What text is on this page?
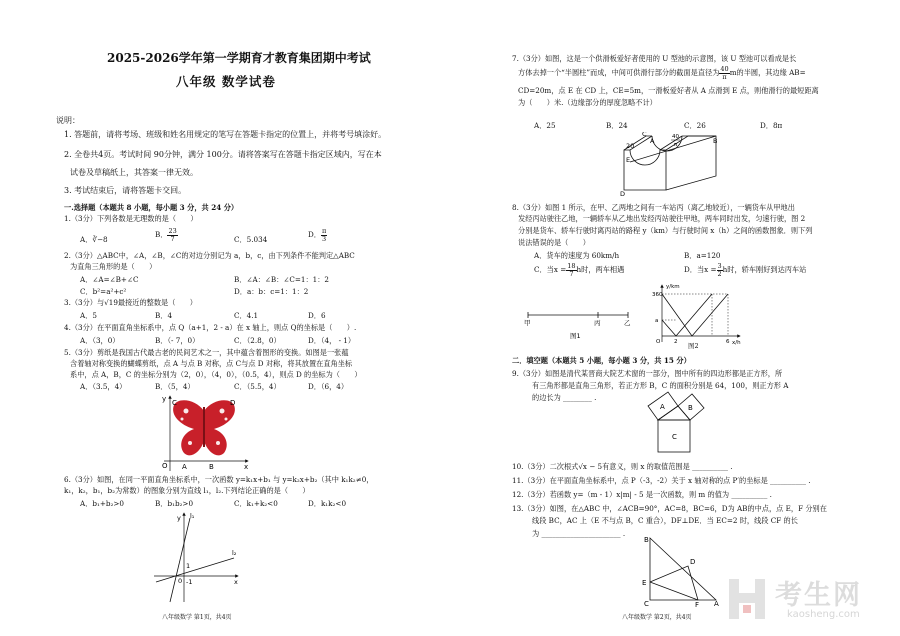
2025-2026学年第一学期育才教育集团期中考试
八年级 数学试卷
说明：
1. 答题前，请将考场、班级和姓名用规定的笔写在答题卡指定的位置上，并将考号填涂好。
2. 全卷共4页。考试时间 90分钟，满分 100分。请将答案写在答题卡指定区域内，写在本
试卷及草稿纸上，其答案一律无效。
3. 考试结束后，请将答题卡交回。
一.选择题（本题共 8 小题，每小题 3 分，共 24 分）
1.（3分）下列各数是无理数的是（　　）
A．∛−8
B． $\frac{23}{7}$	C．5.034
D． $\frac{\pi}{3}$
2.（3分）△ABC中，∠A，∠B，∠C的对边分别记为 a，b，c，由下列条件不能判定△ABC
为直角三角形的是（　　）
A．∠A=∠B+∠C	B．∠A：∠B：∠C=1：1：2
C．b²=a²+c²	D．a：b：c=1：1：2
3.（3分）与√19最接近的整数是（　　）
A．5	B．4	C．4.1	D．6
4.（3分）在平面直角坐标系中，点 Q（a+1，2 - a）在 x 轴上，则点 Q的坐标是（　　）.
A．（3，0）	B．（- 7，0）	C．（2.8，0）	D．（4， - 1）
5.（3分）剪纸是我国古代最古老的民间艺术之一，其中蕴含着图形的变换。如图是一张蕴
含着轴对称变换的蝴蝶剪纸，点 A 与点 B 对称，点 C与点 D 对称，将其放置在直角坐标
系中，点 A，B，C 的坐标分别为（2，0），（4，0），（0.5，4），则点 D 的坐标为（　　）
A．（3.5，4）	B．（5，4）	C．（5.5，4）	D．（6，4）
y
x
O A	B
C	D
6.（3分）如图，在同一平面直角坐标系中，一次函数 y=k₁x+b₁ 与 y=k₂x+b₂（其中 k₁k₂≠0，
k₁，k₂，b₁，b₂为常数）的图象分别为直线 l₁，l₂.下列结论正确的是（　　）
A．b₁+b₂>0	B．b₁b₂>0	C．k₁+k₂<0	D．k₁k₂<0
y
x
0
1
-1
l₁
l₂
八年级数学 第1页，共4页
7.（3分）如图，这是一个供滑板爱好者使用的 U 型池的示意图，该 U 型池可以看成是长
方体去掉一个“半圆柱”而成，中间可供滑行部分的截面是直径为 $\frac{40}{\pi}$ m的半圆，其边缘 AB=
CD=20m，点 E 在 CD 上，CE=5m，一滑板爱好者从 A 点滑到 E 点，则他滑行的最短距离
为（　　）米.（边缘部分的厚度忽略不计）
A．25	B．24	C．26	D．8π
C
A	B
D
E
20
40
π
8.（3分）如图 1 所示，在甲、乙两地之间有一车站丙（离乙地较近），一辆货车从甲地出
发经丙站驶往乙地，一辆轿车从乙地出发经丙站驶往甲地，两车同时出发，匀速行驶，图 2
分别是货车、轿车行驶时离丙站的路程 y（km）与行驶时间 x（h）之间的函数图象．则下列
说法错误的是（　　）
A．货车的速度为 60km/h	B．a=120
C．当$x = \frac{18}{7}$ h时，两车相遇	D．当$x = \frac{3}{2}$ h时，轿车刚好到达丙车站
甲	丙	乙
图1
y/km
x/h
360
a
O 2	6
图2
二．填空题（本题共 5 小题，每小题 3 分，共 15 分）
9.（3分）如图是清代某晋商大院艺术窗的一部分，图中所有的四边形都是正方形，所
有三角形都是直角三角形，若正方形 B，C 的面积分别是 64，100，则正方形 A
的边长为 ________ .
A	B
C
10.（3分）二次根式√x − 5有意义，则 x 的取值范围是 __________ .
11.（3分）在平面直角坐标系中，点 P（-3，-2）关于 x 轴对称的点 P′的坐标是 __________ .
12.（3分）若函数 y=（m - 1）x|m| - 5 是一次函数，则 m 的值为 __________ .
13.（3分）如图，在△ABC 中，∠ACB=90°，AC=8，BC=6，D为 AB的中点，点 E，F 分别在
线段 BC，AC 上（E 不与点 B，C 重合），DF⊥DE．当 EC=2 时，线段 CF 的长
为 ______________________ .
B
C	A
D
E
F
八年级数学 第2页，共4页
考生网
kaosheng.com
